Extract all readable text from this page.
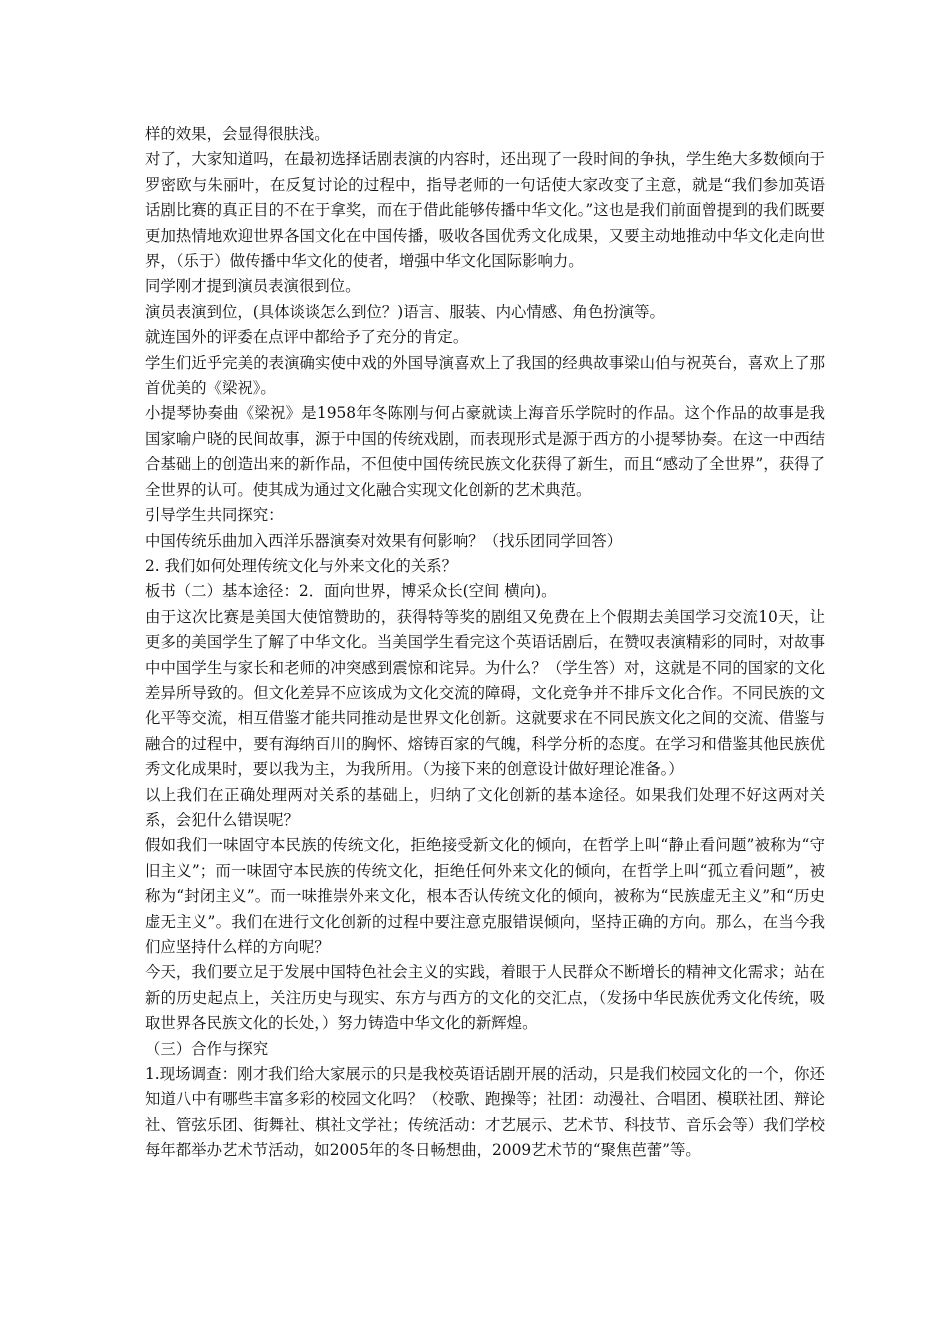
样的效果，会显得很肤浅。

对了，大家知道吗，在最初选择话剧表演的内容时，还出现了一段时间的争执，学生绝大多数倾向于罗密欧与朱丽叶，在反复讨论的过程中，指导老师的一句话使大家改变了主意，就是“我们参加英语话剧比赛的真正目的不在于拿奖，而在于借此能够传播中华文化。”这也是我们前面曾提到的我们既要更加热情地欢迎世界各国文化在中国传播，吸收各国优秀文化成果，又要主动地推动中华文化走向世界，（乐于）做传播中华文化的使者，增强中华文化国际影响力。

同学刚才提到演员表演很到位。

演员表演到位，(具体谈谈怎么到位？)语言、服装、内心情感、角色扮演等。

就连国外的评委在点评中都给予了充分的肯定。

学生们近乎完美的表演确实使中戏的外国导演喜欢上了我国的经典故事梁山伯与祝英台，喜欢上了那首优美的《梁祝》。

小提琴协奏曲《梁祝》是1958年冬陈刚与何占豪就读上海音乐学院时的作品。这个作品的故事是我国家喻户晓的民间故事，源于中国的传统戏剧，而表现形式是源于西方的小提琴协奏。在这一中西结合基础上的创造出来的新作品，不但使中国传统民族文化获得了新生，而且“感动了全世界”，获得了全世界的认可。使其成为通过文化融合实现文化创新的艺术典范。

引导学生共同探究：

中国传统乐曲加入西洋乐器演奏对效果有何影响？（找乐团同学回答）

2. 我们如何处理传统文化与外来文化的关系？

板书（二）基本途径：2．面向世界，博采众长(空间 横向)。

由于这次比赛是美国大使馆赞助的，获得特等奖的剧组又免费在上个假期去美国学习交流10天，让更多的美国学生了解了中华文化。当美国学生看完这个英语话剧后，在赞叹表演精彩的同时，对故事中中国学生与家长和老师的冲突感到震惊和诧异。为什么？（学生答）对，这就是不同的国家的文化差异所导致的。但文化差异不应该成为文化交流的障碍，文化竞争并不排斥文化合作。不同民族的文化平等交流，相互借鉴才能共同推动是世界文化创新。这就要求在不同民族文化之间的交流、借鉴与融合的过程中，要有海纳百川的胸怀、熔铸百家的气魄，科学分析的态度。在学习和借鉴其他民族优秀文化成果时，要以我为主，为我所用。（为接下来的创意设计做好理论准备。）

以上我们在正确处理两对关系的基础上，归纳了文化创新的基本途径。如果我们处理不好这两对关系，会犯什么错误呢？

假如我们一味固守本民族的传统文化，拒绝接受新文化的倾向，在哲学上叫“静止看问题”被称为“守旧主义”；而一味固守本民族的传统文化，拒绝任何外来文化的倾向，在哲学上叫“孤立看问题”，被称为“封闭主义”。而一味推崇外来文化，根本否认传统文化的倾向，被称为“民族虚无主义”和“历史虚无主义”。我们在进行文化创新的过程中要注意克服错误倾向，坚持正确的方向。那么，在当今我们应坚持什么样的方向呢？

今天，我们要立足于发展中国特色社会主义的实践，着眼于人民群众不断增长的精神文化需求；站在新的历史起点上，关注历史与现实、东方与西方的文化的交汇点，（发扬中华民族优秀文化传统，吸取世界各民族文化的长处，）努力铸造中华文化的新辉煌。

（三）合作与探究

1.现场调查：刚才我们给大家展示的只是我校英语话剧开展的活动，只是我们校园文化的一个，你还知道八中有哪些丰富多彩的校园文化吗？（校歌、跑操等；社团：动漫社、合唱团、模联社团、辩论社、管弦乐团、街舞社、棋社文学社；传统活动：才艺展示、艺术节、科技节、音乐会等）我们学校每年都举办艺术节活动，如2005年的冬日畅想曲，2009艺术节的“聚焦芭蕾”等。
